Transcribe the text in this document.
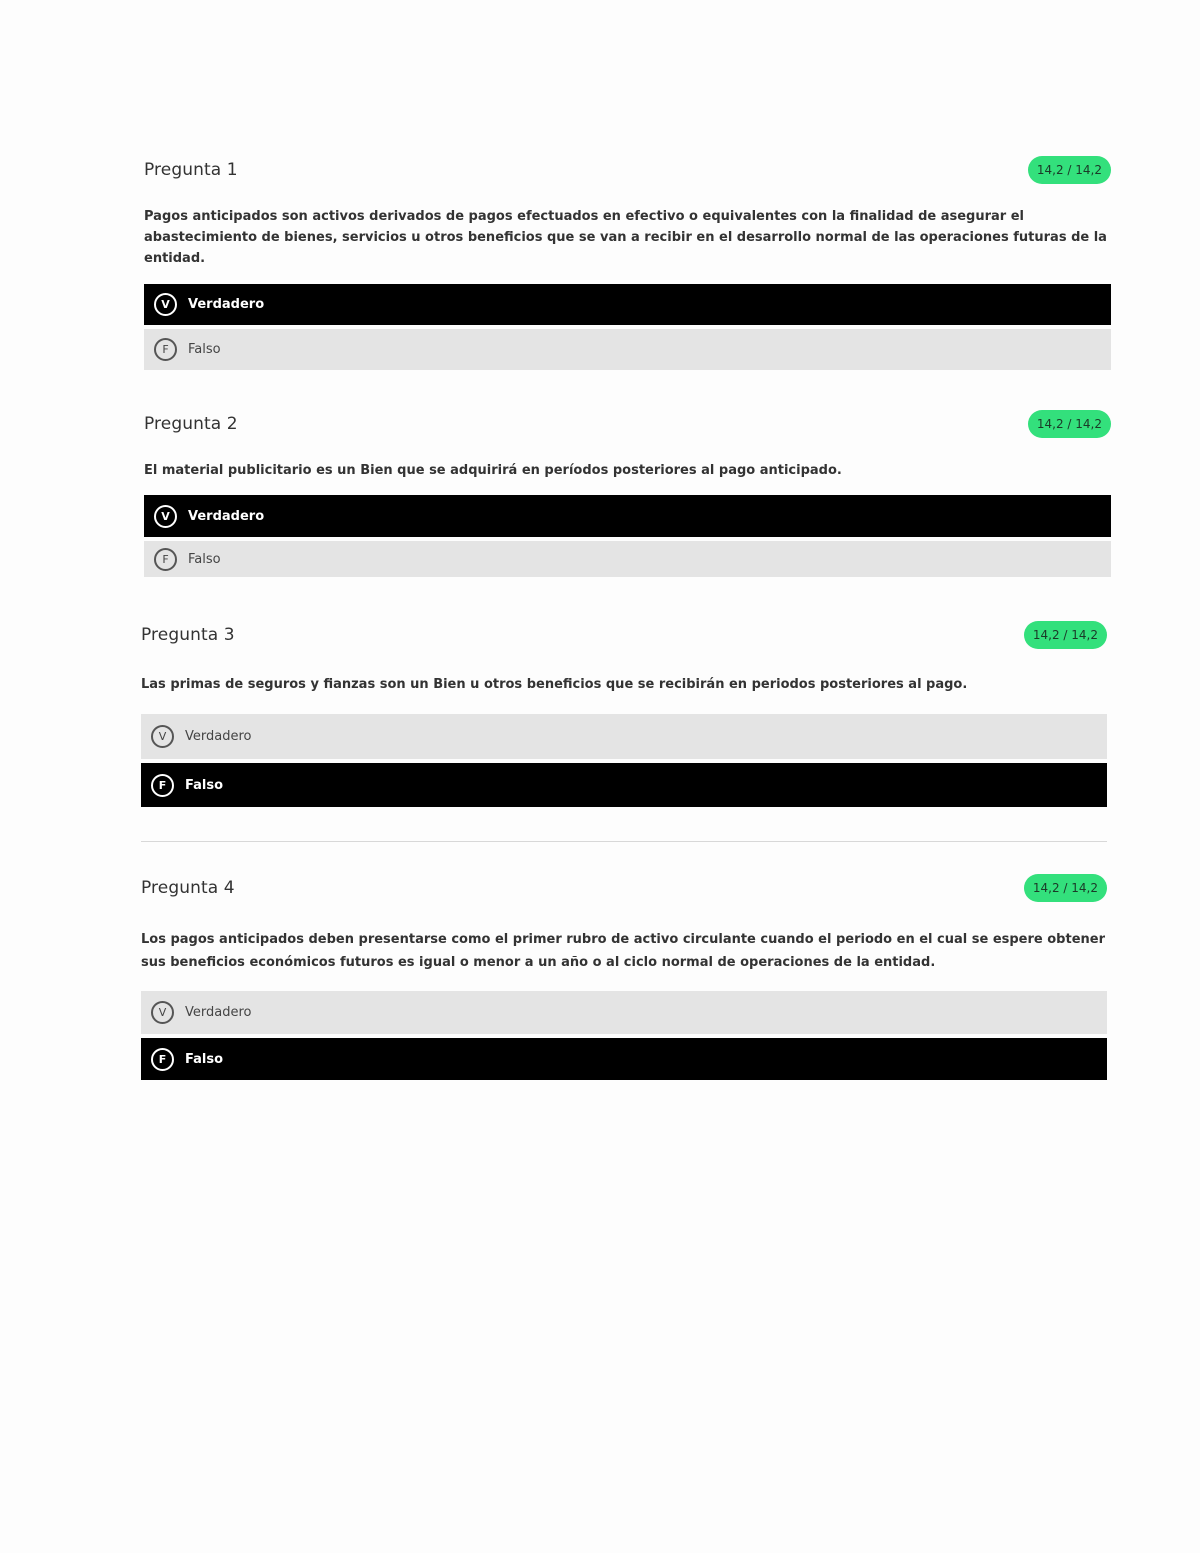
Pregunta 1	14,2 / 14,2
Pagos anticipados son activos derivados de pagos efectuados en efectivo o equivalentes con la finalidad de asegurar el abastecimiento de bienes, servicios u otros beneficios que se van a recibir en el desarrollo normal de las operaciones futuras de la entidad.
V	Verdadero
F	Falso
Pregunta 2	14,2 / 14,2
El material publicitario es un Bien que se adquirirá en períodos posteriores al pago anticipado.
V	Verdadero
F	Falso
Pregunta 3	14,2 / 14,2
Las primas de seguros y fianzas son un Bien u otros beneficios que se recibirán en periodos posteriores al pago.
V	Verdadero
F	Falso
Pregunta 4	14,2 / 14,2
Los pagos anticipados deben presentarse como el primer rubro de activo circulante cuando el periodo en el cual se espere obtener sus beneficios económicos futuros es igual o menor a un año o al ciclo normal de operaciones de la entidad.
V	Verdadero
F	Falso
